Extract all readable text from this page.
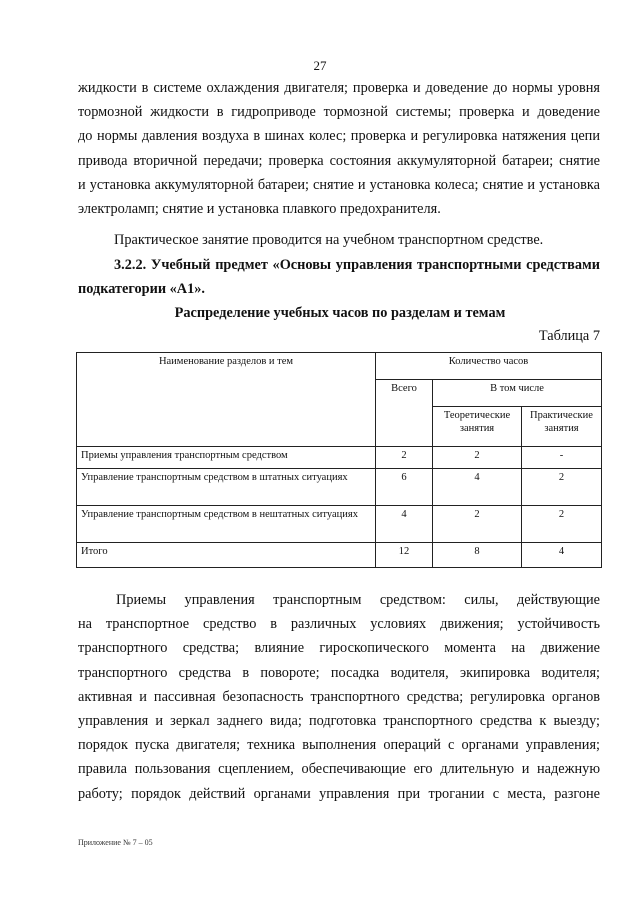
27
жидкости в системе охлаждения двигателя; проверка и доведение до нормы уровня
тормозной жидкости в гидроприводе тормозной системы; проверка и доведение
до нормы давления воздуха в шинах колес; проверка и регулировка натяжения цепи
привода вторичной передачи; проверка состояния аккумуляторной батареи; снятие
и установка аккумуляторной батареи; снятие и установка колеса; снятие и установка
электроламп; снятие и установка плавкого предохранителя.
Практическое занятие проводится на учебном транспортном средстве.
3.2.2. Учебный предмет «Основы управления транспортными средствами
подкатегории «A1».
Распределение учебных часов по разделам и темам
Таблица 7
Наименование разделов и тем	Количество часов		
	Всего	В том числе	
		Теоретические занятия	Практические занятия
Приемы управления транспортным средством	2	2	-
Управление транспортным средством в штатных ситуациях	6	4	2
Управление транспортным средством в нештатных ситуациях	4	2	2
Итого	12	8	4
Приемы управления транспортным средством: силы, действующие
на транспортное средство в различных условиях движения; устойчивость
транспортного средства; влияние гироскопического момента на движение
транспортного средства в повороте; посадка водителя, экипировка водителя;
активная и пассивная безопасность транспортного средства; регулировка органов
управления и зеркал заднего вида; подготовка транспортного средства к выезду;
порядок пуска двигателя; техника выполнения операций с органами управления;
правила пользования сцеплением, обеспечивающие его длительную и надежную
работу; порядок действий органами управления при трогании с места, разгоне
Приложение № 7 – 05
